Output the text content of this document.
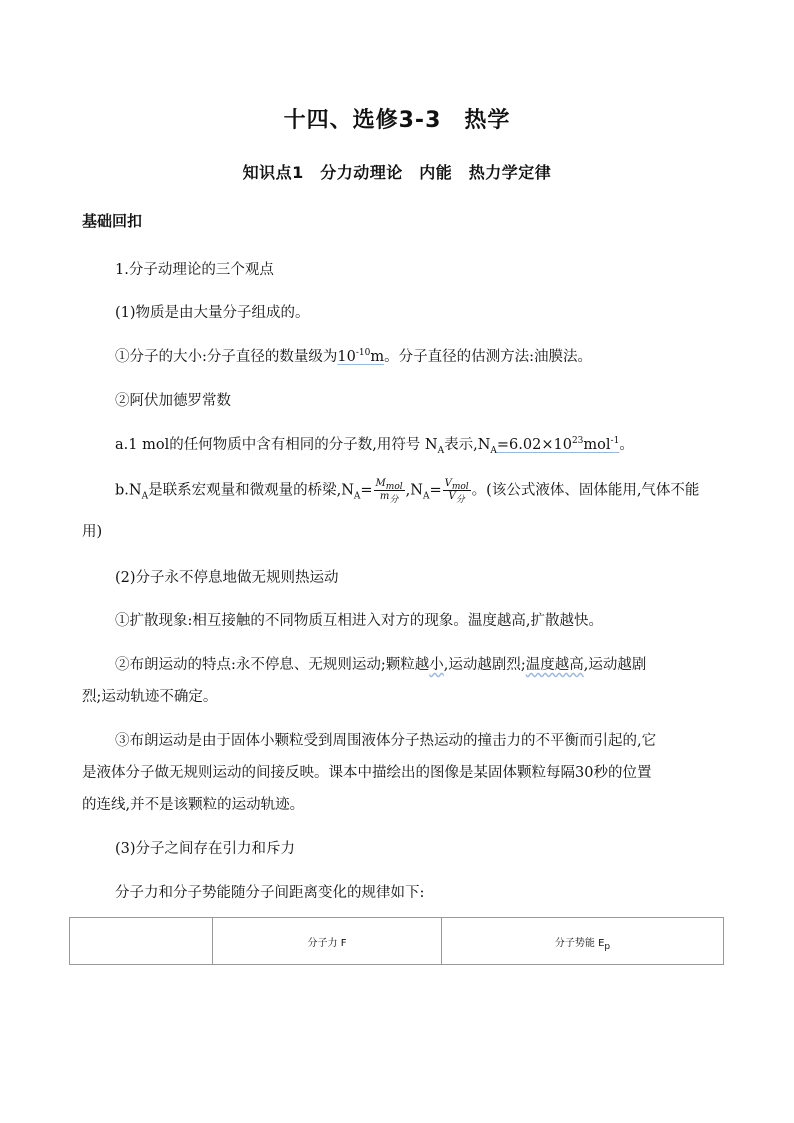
十四、选修3-3　热学
知识点1　分力动理论　内能　热力学定律
基础回扣
1.分子动理论的三个观点
(1)物质是由大量分子组成的。
①分子的大小:分子直径的数量级为$10^{-10}m$。分子直径的估测方法:油膜法。
②阿伏加德罗常数
a.1 mol的任何物质中含有相同的分子数,用符号 $N_A$表示$,N_A=6.02\times 10^{23}mol^{-1}$。
$b.N_A$是联系宏观量和微观量的桥梁$,N_A= \frac{M_{mol}}{m_分} ,N_A= \frac{V_{mol}}{V_分}$ 。(该公式液体、固体能用,气体不能
用)
(2)分子永不停息地做无规则热运动
①扩散现象:相互接触的不同物质互相进入对方的现象。温度越高,扩散越快。
②布朗运动的特点:永不停息、无规则运动;颗粒越小,运动越剧烈;温度越高,运动越剧
烈;运动轨迹不确定。
③布朗运动是由于固体小颗粒受到周围液体分子热运动的撞击力的不平衡而引起的,它
是液体分子做无规则运动的间接反映。课本中描绘出的图像是某固体颗粒每隔30秒的位置
的连线,并不是该颗粒的运动轨迹。
(3)分子之间存在引力和斥力
分子力和分子势能随分子间距离变化的规律如下:
	分子力 F	分子势能 $E_p$
